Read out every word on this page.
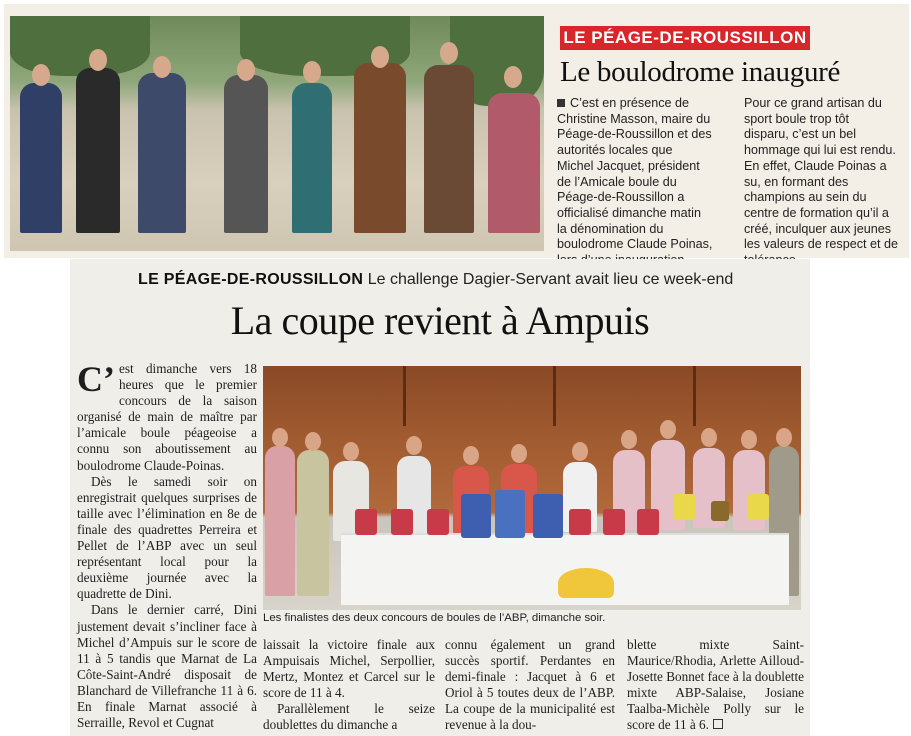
LE PÉAGE-DE-ROUSSILLON
Le boulodrome inauguré
C’est en présence de
Christine Masson, maire du
Péage-de-Roussillon et des
autorités locales que
Michel Jacquet, président
de l’Amicale boule du
Péage-de-Roussillon a
officialisé dimanche matin
la dénomination du
boulodrome Claude Poinas,
Pour ce grand artisan du
sport boule trop tôt
disparu, c’est un bel
hommage qui lui est rendu.
En effet, Claude Poinas a
su, en formant des
champions au sein du
centre de formation qu’il a
créé, inculquer aux jeunes
les valeurs de respect et de
LE PÉAGE-DE-ROUSSILLON Le challenge Dagier-Servant avait lieu ce week-end
La coupe revient à Ampuis
C’ est dimanche vers 18 heures que le premier concours de la saison organisé de main de maître par l’amicale boule péageoise a connu son aboutissement au boulodrome Claude-Poinas.
Dès le samedi soir on enregistrait quelques surprises de taille avec l’élimination en 8e de finale des quadrettes Perreira et Pellet de l’ABP avec un seul représentant local pour la deuxième journée avec la quadrette de Dini.
Dans le dernier carré, Dini justement devait s’incliner face à Michel d’Ampuis sur le score de 11 à 5 tandis que Marnat de La Côte-Saint-André disposait de Blanchard de Villefranche 11 à 6. En finale Marnat associé à Serraille, Revol et Cugnat
Les finalistes des deux concours de boules de l’ABP, dimanche soir.
laissait la victoire finale aux Ampuisais Michel, Serpollier, Mertz, Montez et Carcel sur le score de 11 à 4.
Parallèlement le seize doublettes du dimanche a
connu également un grand succès sportif. Perdantes en demi-finale : Jacquet à 6 et Oriol à 5 toutes deux de l’ABP. La coupe de la municipalité est revenue à la dou-
blette mixte Saint-Maurice/Rhodia, Arlette Ailloud-Josette Bonnet face à la doublette mixte ABP-Salaise, Josiane Taalba-Michèle Polly sur le score de 11 à 6.
